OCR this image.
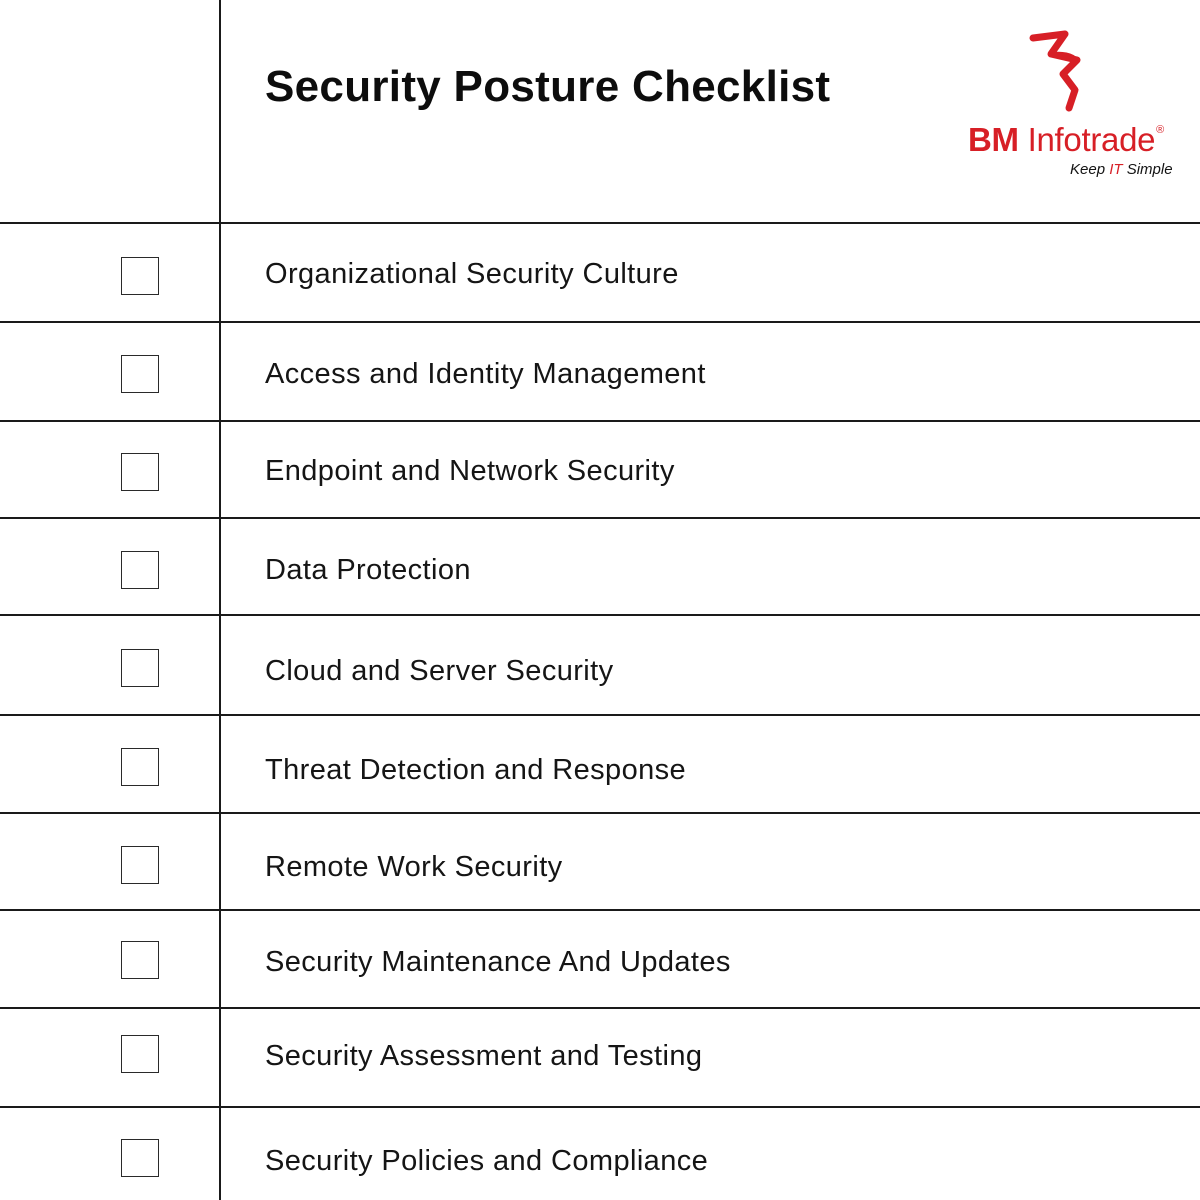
Security Posture Checklist
BM Infotrade®
Keep IT Simple
Organizational Security Culture
Access and Identity Management
Endpoint and Network Security
Data Protection
Cloud and Server Security
Threat Detection and Response
Remote Work Security
Security Maintenance And Updates
Security Assessment and Testing
Security Policies and Compliance
